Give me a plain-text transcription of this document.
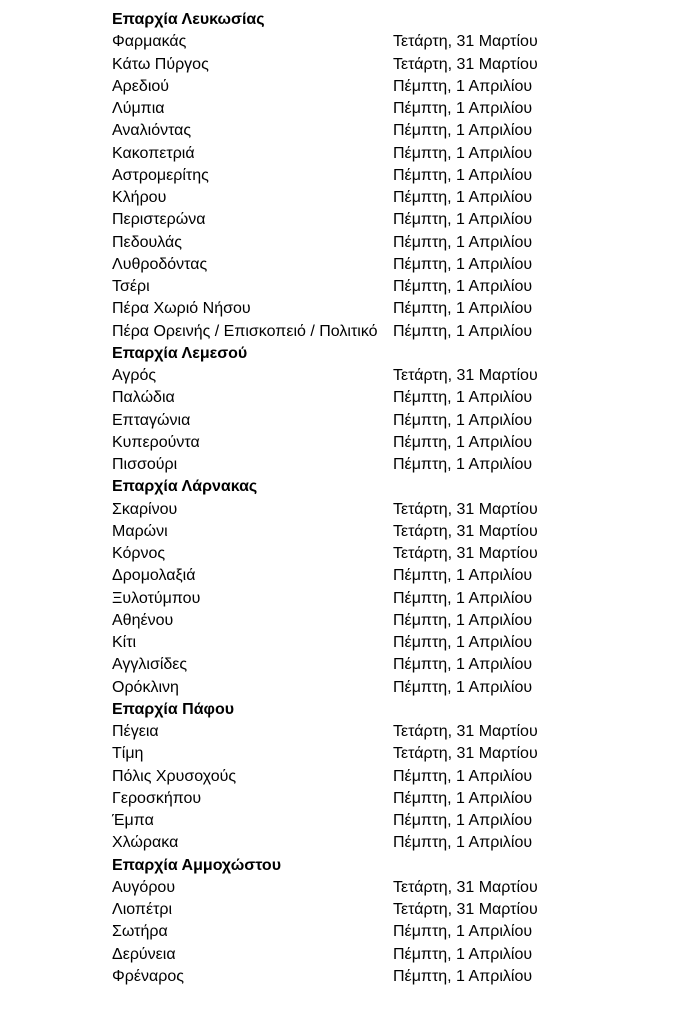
Επαρχία Λευκωσίας
Φαρμακάς	Τετάρτη, 31 Μαρτίου
Κάτω Πύργος	Τετάρτη, 31 Μαρτίου
Αρεδιού	Πέμπτη, 1 Απριλίου
Λύμπια	Πέμπτη, 1 Απριλίου
Αναλιόντας	Πέμπτη, 1 Απριλίου
Κακοπετριά	Πέμπτη, 1 Απριλίου
Αστρομερίτης	Πέμπτη, 1 Απριλίου
Κλήρου	Πέμπτη, 1 Απριλίου
Περιστερώνα	Πέμπτη, 1 Απριλίου
Πεδουλάς	Πέμπτη, 1 Απριλίου
Λυθροδόντας	Πέμπτη, 1 Απριλίου
Τσέρι	Πέμπτη, 1 Απριλίου
Πέρα Χωριό Νήσου	Πέμπτη, 1 Απριλίου
Πέρα Ορεινής / Επισκοπειό / Πολιτικό Πέμπτη, 1 Απριλίου
Επαρχία Λεμεσού
Αγρός	Τετάρτη, 31 Μαρτίου
Παλώδια	Πέμπτη, 1 Απριλίου
Επταγώνια	Πέμπτη, 1 Απριλίου
Κυπερούντα	Πέμπτη, 1 Απριλίου
Πισσούρι	Πέμπτη, 1 Απριλίου
Επαρχία Λάρνακας
Σκαρίνου	Τετάρτη, 31 Μαρτίου
Μαρώνι	Τετάρτη, 31 Μαρτίου
Κόρνος	Τετάρτη, 31 Μαρτίου
Δρομολαξιά	Πέμπτη, 1 Απριλίου
Ξυλοτύμπου	Πέμπτη, 1 Απριλίου
Αθηένου	Πέμπτη, 1 Απριλίου
Κίτι	Πέμπτη, 1 Απριλίου
Αγγλισίδες	Πέμπτη, 1 Απριλίου
Ορόκλινη	Πέμπτη, 1 Απριλίου
Επαρχία Πάφου
Πέγεια	Τετάρτη, 31 Μαρτίου
Τίμη	Τετάρτη, 31 Μαρτίου
Πόλις Χρυσοχούς	Πέμπτη, 1 Απριλίου
Γεροσκήπου	Πέμπτη, 1 Απριλίου
Έμπα	Πέμπτη, 1 Απριλίου
Χλώρακα	Πέμπτη, 1 Απριλίου
Επαρχία Αμμοχώστου
Αυγόρου	Τετάρτη, 31 Μαρτίου
Λιοπέτρι	Τετάρτη, 31 Μαρτίου
Σωτήρα	Πέμπτη, 1 Απριλίου
Δερύνεια	Πέμπτη, 1 Απριλίου
Φρέναρος	Πέμπτη, 1 Απριλίου
